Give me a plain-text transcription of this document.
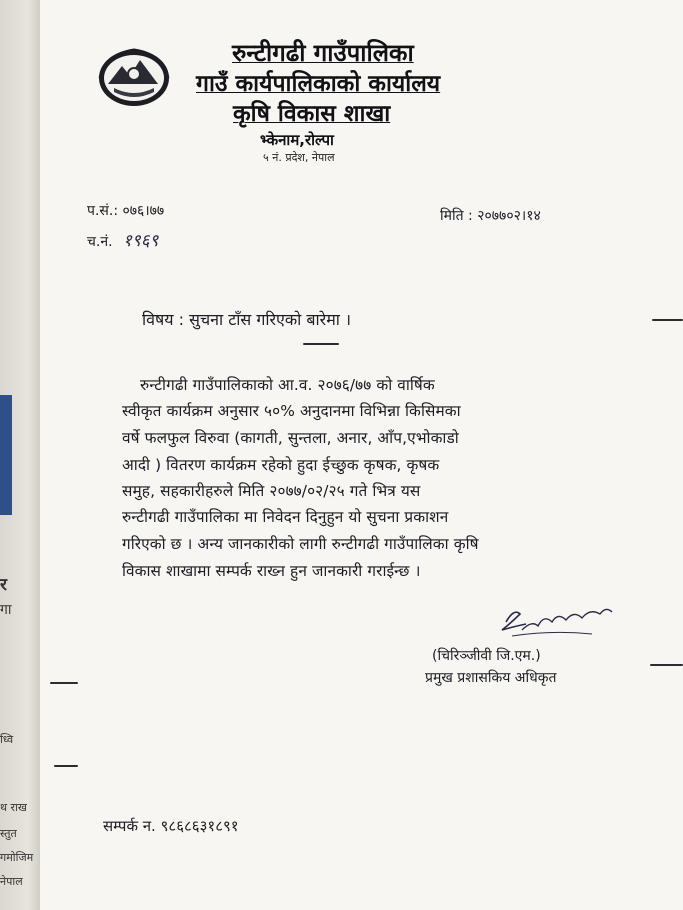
र
गा
ध्वि
थ राख
स्तुत
गमोजिम
नेपाल
रुन्टीगढी गाउँपालिका
गाउँ कार्यपालिकाको कार्यालय
कृषि विकास शाखा
भ्केनाम,रोल्पा
५ नं. प्रदेश, नेपाल
प.सं.: ०७६।७७
च.नं. १९६९
मिति : २०७७०२।१४
विषय : सुचना टाँस गरिएको बारेमा ।
रुन्टीगढी गाउँपालिकाको आ.व. २०७६/७७ को वार्षिक
स्वीकृत कार्यक्रम अनुसार ५०% अनुदानमा विभिन्ना किसिमका
वर्षे फलफुल विरुवा (कागती, सुन्तला, अनार, आँप,एभोकाडो
आदी ) वितरण कार्यक्रम रहेको हुदा ईच्छुक कृषक, कृषक
समुह, सहकारीहरुले मिति २०७७/०२/२५ गते भित्र यस
रुन्टीगढी गाउँपालिका मा निवेदन दिनुहुन यो सुचना प्रकाशन
गरिएको छ । अन्य जानकारीको लागी रुन्टीगढी गाउँपालिका कृषि
विकास शाखामा सम्पर्क राख्न हुन जानकारी गराईन्छ ।
(चिरिञ्जीवी जि.एम.)
प्रमुख प्रशासकिय अधिकृत
सम्पर्क न. ९८६८६३१८९१
